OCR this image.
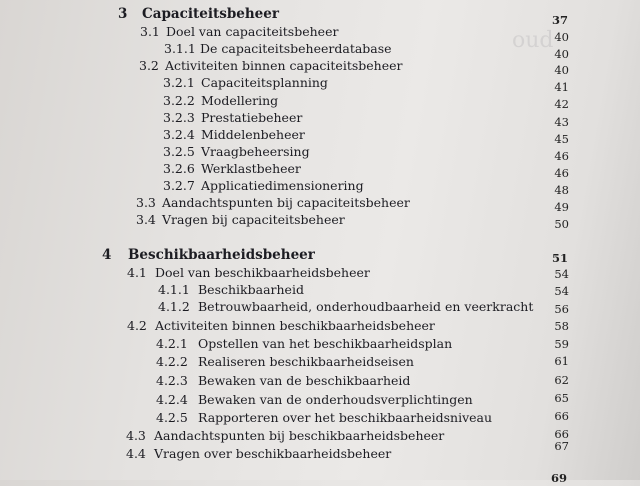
oud
3 Capaciteitsbeheer	37
3.1 Doel van capaciteitsbeheer	40
3.1.1 De capaciteitsbeheerdatabase	40
3.2 Activiteiten binnen capaciteitsbeheer	40
3.2.1 Capaciteitsplanning	41
3.2.2 Modellering	42
3.2.3 Prestatiebeheer	43
3.2.4 Middelenbeheer	45
3.2.5 Vraagbeheersing	46
3.2.6 Werklastbeheer	46
3.2.7 Applicatiedimensionering	48
3.3 Aandachtspunten bij capaciteitsbeheer	49
3.4 Vragen bij capaciteitsbeheer	50
4 Beschikbaarheidsbeheer	51
4.1 Doel van beschikbaarheidsbeheer	54
4.1.1 Beschikbaarheid	54
4.1.2 Betrouwbaarheid, onderhoudbaarheid en veerkracht	56
4.2 Activiteiten binnen beschikbaarheidsbeheer	58
4.2.1 Opstellen van het beschikbaarheidsplan	59
4.2.2 Realiseren beschikbaarheidseisen	61
4.2.3 Bewaken van de beschikbaarheid	62
4.2.4 Bewaken van de onderhoudsverplichtingen	65
4.2.5 Rapporteren over het beschikbaarheidsniveau	66
4.3 Aandachtspunten bij beschikbaarheidsbeheer	66
4.4 Vragen over beschikbaarheidsbeheer	67
69
